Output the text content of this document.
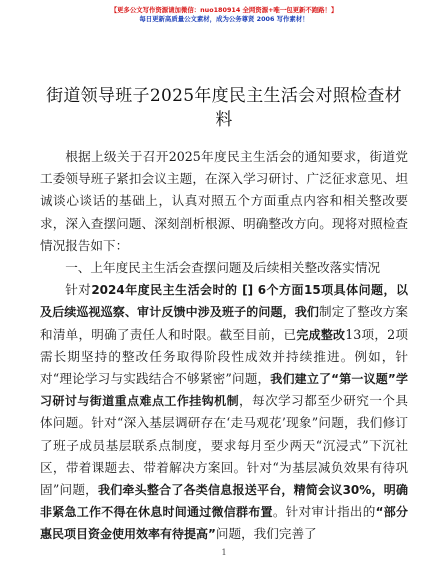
【更多公文写作资源请加微信：nuo180914 全网资源+唯一包更新不跑路！】
每日更新高质量公文素材，成为公务尊贤 2006 写作素材！
街道领导班子2025年度民主生活会对照检查材料

根据上级关于召开2025年度民主生活会的通知要求，街道党工委领导班子紧扣会议主题，在深入学习研讨、广泛征求意见、坦诚谈心谈话的基础上，认真对照五个方面重点内容和相关整改要求，深入查摆问题、深刻剖析根源、明确整改方向。现将对照检查情况报告如下：

一、上年度民主生活会查摆问题及后续相关整改落实情况

针对2024年度民主生活会时的 [] 6个方面15项具体问题，以及后续巡视巡察、审计反馈中涉及班子的问题，我们制定了整改方案和清单，明确了责任人和时限。截至目前，已完成整改13项，2项需长期坚持的整改任务取得阶段性成效并持续推进。例如，针对“理论学习与实践结合不够紧密”问题，我们建立了“第一议题”学习研讨与街道重点难点工作挂钩机制，每次学习都至少研究一个具体问题。针对“深入基层调研存在‘走马观花’现象”问题，我们修订了班子成员基层联系点制度，要求每月至少两天“沉浸式”下沉社区，带着课题去、带着解决方案回。针对“为基层减负效果有待巩固”问题，我们牵头整合了各类信息报送平台，精简会议30%，明确非紧急工作不得在休息时间通过微信群布置。针对审计指出的“部分惠民项目资金使用效率有待提高”问题，我们完善了

1
